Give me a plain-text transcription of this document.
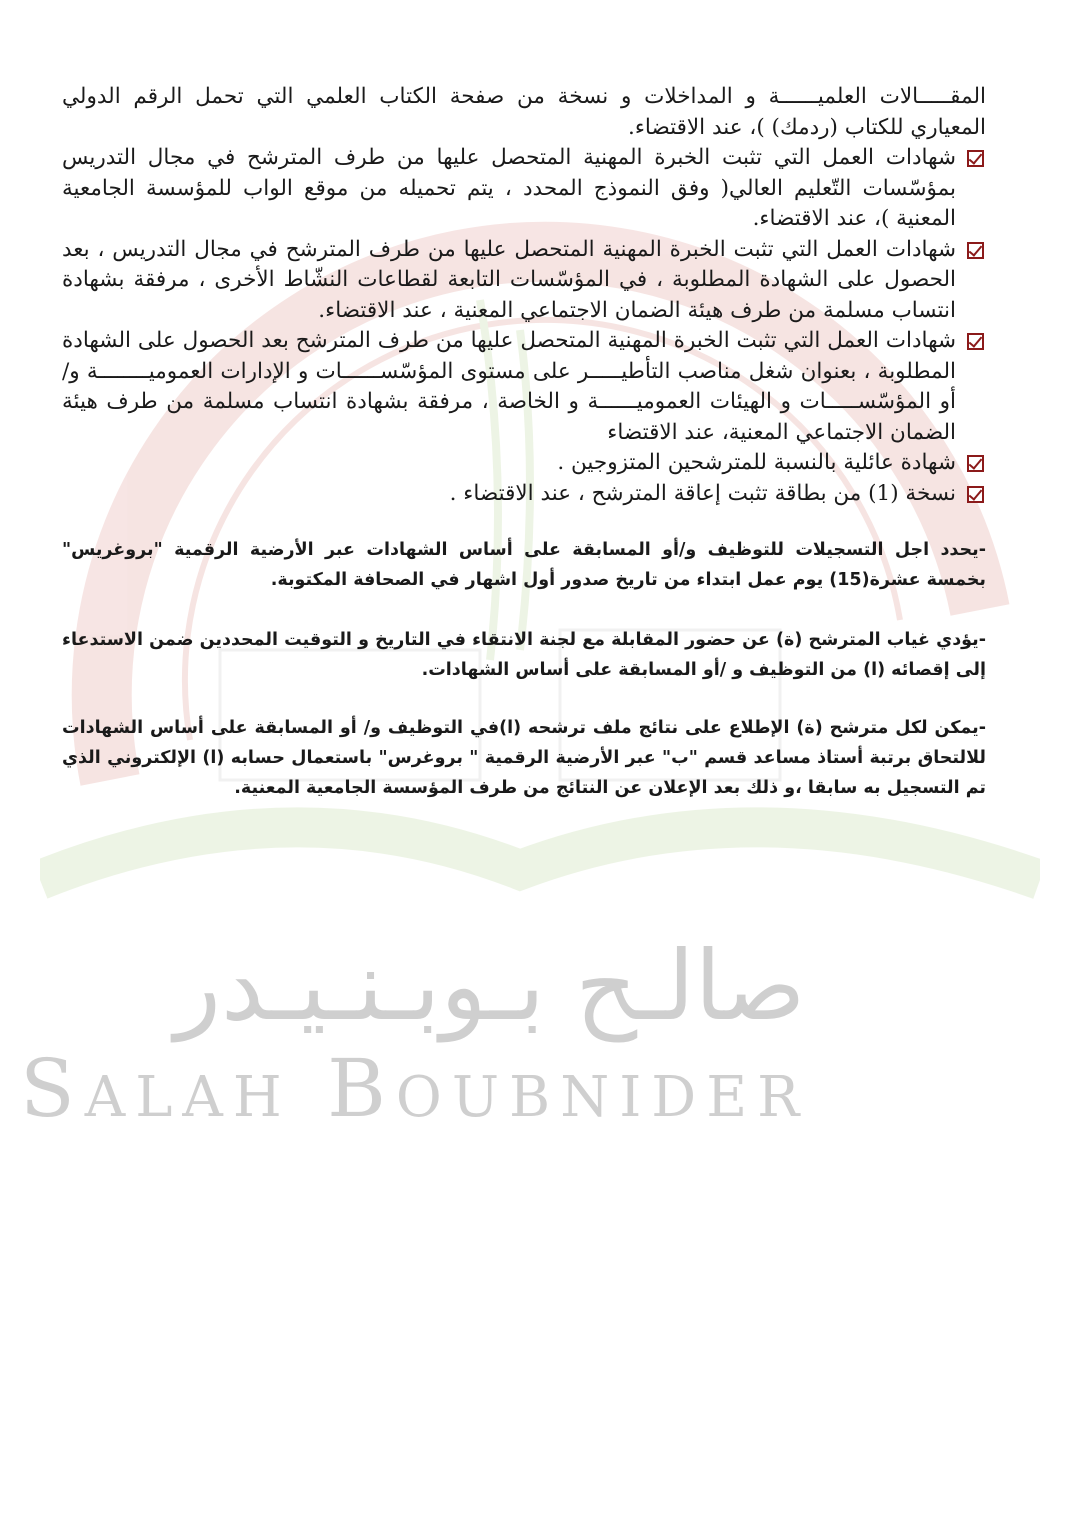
المقـــــالات العلميــــــة و المداخلات و نسخة من صفحة الكتاب العلمي التي تحمل الرقم الدولي المعياري للكتاب (ردمك) )، عند الاقتضاء.

شهادات العمل التي تثبت الخبرة المهنية المتحصل عليها من طرف المترشح في مجال التدريس بمؤسّسات التّعليم العالي( وفق النموذج المحدد ، يتم تحميله من موقع الواب للمؤسسة الجامعية المعنية )، عند الاقتضاء.
شهادات العمل التي تثبت الخبرة المهنية المتحصل عليها من طرف المترشح في مجال التدريس ، بعد الحصول على الشهادة المطلوبة ، في المؤسّسات التابعة لقطاعات النشّاط الأخرى ، مرفقة بشهادة انتساب مسلمة من طرف هيئة الضمان الاجتماعي المعنية ، عند الاقتضاء.
شهادات العمل التي تثبت الخبرة المهنية المتحصل عليها من طرف المترشح بعد الحصول على الشهادة المطلوبة ، بعنوان شغل مناصب التأطيـــــر على مستوى المؤسّســــــات و الإدارات العموميــــــــة و/ أو المؤسّســـــات و الهيئات العموميــــــة و الخاصة ، مرفقة بشهادة انتساب مسلمة من طرف هيئة الضمان الاجتماعي المعنية، عند الاقتضاء
شهادة عائلية بالنسبة للمترشحين المتزوجين .
نسخة (1) من بطاقة تثبت إعاقة المترشح ، عند الاقتضاء .

-يحدد اجل التسجيلات للتوظيف و/أو المسابقة على أساس الشهادات عبر الأرضية الرقمية "بروغريس" بخمسة عشرة(15) يوم عمل ابتداء من تاريخ صدور أول اشهار في الصحافة المكتوبة.

-يؤدي غياب المترشح (ة) عن حضور المقابلة مع لجنة الانتقاء في التاريخ و التوقيت المحددين ضمن الاستدعاء إلى إقصائه (ا) من التوظيف و /أو المسابقة على أساس الشهادات.

-يمكن لكل مترشح (ة) الإطلاع على نتائج ملف ترشحه (ا)في التوظيف و/ أو المسابقة على أساس الشهادات للالتحاق برتبة أستاذ مساعد قسم "ب" عبر الأرضية الرقمية " بروغرس" باستعمال حسابه (ا) الإلكتروني الذي تم التسجيل به سابقا ،و ذلك بعد الإعلان عن النتائج من طرف المؤسسة الجامعية المعنية.

صالـح بـوبـنـيـدر
Salah Boubnider
